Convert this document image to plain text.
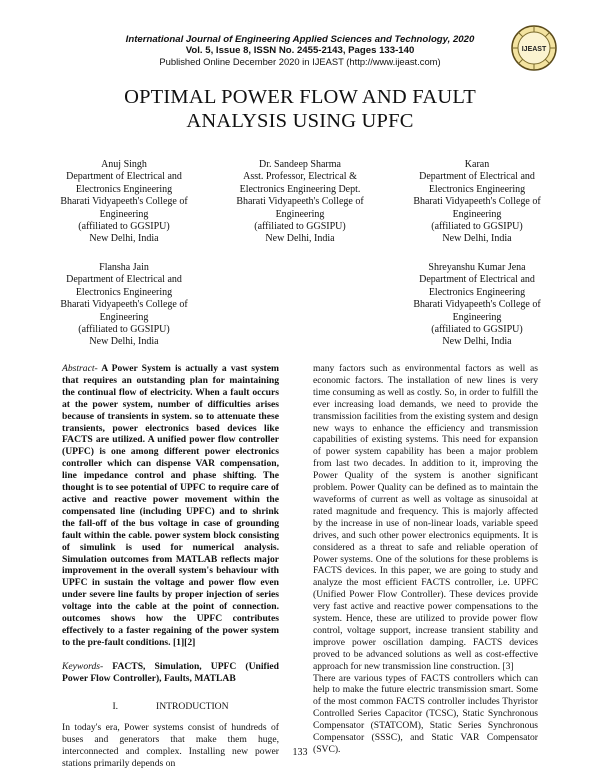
International Journal of Engineering Applied Sciences and Technology, 2020
Vol. 5, Issue 8, ISSN No. 2455-2143, Pages 133-140
Published Online December 2020 in IJEAST (http://www.ijeast.com)
IJEAST
OPTIMAL POWER FLOW AND FAULT
ANALYSIS USING UPFC
Anuj Singh
Department of Electrical and
Electronics Engineering
Bharati Vidyapeeth's College of
Engineering
(affiliated to GGSIPU)
New Delhi, India
Dr. Sandeep Sharma
Asst. Professor, Electrical &
Electronics Engineering Dept.
Bharati Vidyapeeth's College of
Engineering
(affiliated to GGSIPU)
New Delhi, India
Karan
Department of Electrical and
Electronics Engineering
Bharati Vidyapeeth's College of
Engineering
(affiliated to GGSIPU)
New Delhi, India
Flansha Jain
Department of Electrical and
Electronics Engineering
Bharati Vidyapeeth's College of
Engineering
(affiliated to GGSIPU)
New Delhi, India
Shreyanshu Kumar Jena
Department of Electrical and
Electronics Engineering
Bharati Vidyapeeth's College of
Engineering
(affiliated to GGSIPU)
New Delhi, India

Abstract- A Power System is actually a vast system that requires an outstanding plan for maintaining the continual flow of electricity. When a fault occurs at the power system, number of difficulties arises because of transients in system. so to attenuate these transients, power electronics based devices like FACTS are utilized. A unified power flow controller (UPFC) is one among different power electronics controller which can dispense VAR compensation, line impedance control and phase shifting. The thought is to see potential of UPFC to require care of active and reactive power movement within the compensated line (including UPFC) and to shrink the fall-off of the bus voltage in case of grounding fault within the cable. power system block consisting of simulink is used for numerical analysis. Simulation outcomes from MATLAB reflects major improvement in the overall system's behaviour with UPFC in sustain the voltage and power flow even under severe line faults by proper injection of series voltage into the cable at the point of connection. outcomes shows how the UPFC contributes effectively to a faster regaining of the power system to the pre-fault conditions. [1][2]

Keywords- FACTS, Simulation, UPFC (Unified Power Flow Controller), Faults, MATLAB

I.	INTRODUCTION

In today's era, Power systems consist of hundreds of buses and generators that make them huge, interconnected and complex. Installing new power stations primarily depends on

many factors such as environmental factors as well as economic factors. The installation of new lines is very time consuming as well as costly. So, in order to fulfill the ever increasing load demands, we need to provide the transmission facilities from the existing system and design new ways to enhance the efficiency and transmission capabilities of existing systems. This need for expansion of power system capability has been a major problem from last two decades. In addition to it, improving the Power Quality of the system is another significant problem. Power Quality can be defined as to maintain the waveforms of current as well as voltage as sinusoidal at rated magnitude and frequency. This is majorly affected by the increase in use of non-linear loads, variable speed drives, and such other power electronics equipments. It is considered as a threat to safe and reliable operation of Power systems. One of the solutions for these problems is FACTS devices. In this paper, we are going to study and analyze the most efficient FACTS controller, i.e. UPFC (Unified Power Flow Controller). These devices provide very fast active and reactive power compensations to the system. Hence, these are utilized to provide power flow control, voltage support, increase transient stability and improve power oscillation damping. FACTS devices proved to be advanced solutions as well as cost-effective approach for new transmission line construction. [3]

There are various types of FACTS controllers which can help to make the future electric transmission smart. Some of the most common FACTS controller includes Thyristor Controlled Series Capacitor (TCSC), Static Synchronous Compensator (STATCOM), Static Series Synchronous Compensator (SSSC), and Static VAR Compensator (SVC).

133
